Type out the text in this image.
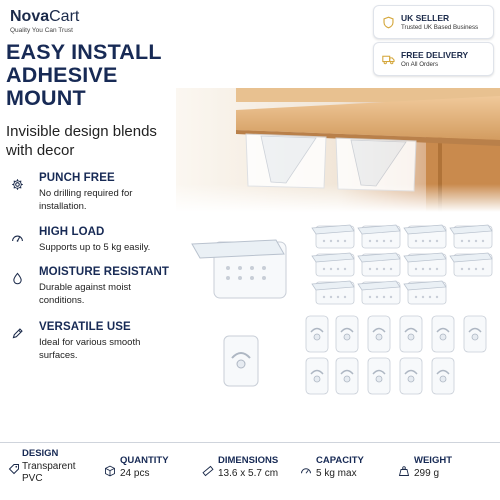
NovaCart
Quality You Can Trust
UK SELLER
Trusted UK Based Business
FREE DELIVERY
On All Orders
EASY INSTALL
ADHESIVE
MOUNT
Invisible design blends
with decor
PUNCH FREE
No drilling required for installation.
HIGH LOAD
Supports up to 5 kg easily.
MOISTURE RESISTANT
Durable against moist conditions.
VERSATILE USE
Ideal for various smooth surfaces.
DESIGN
Transparent PVC
QUANTITY
24 pcs
DIMENSIONS
13.6 x 5.7 cm
CAPACITY
5 kg max
WEIGHT
299 g
